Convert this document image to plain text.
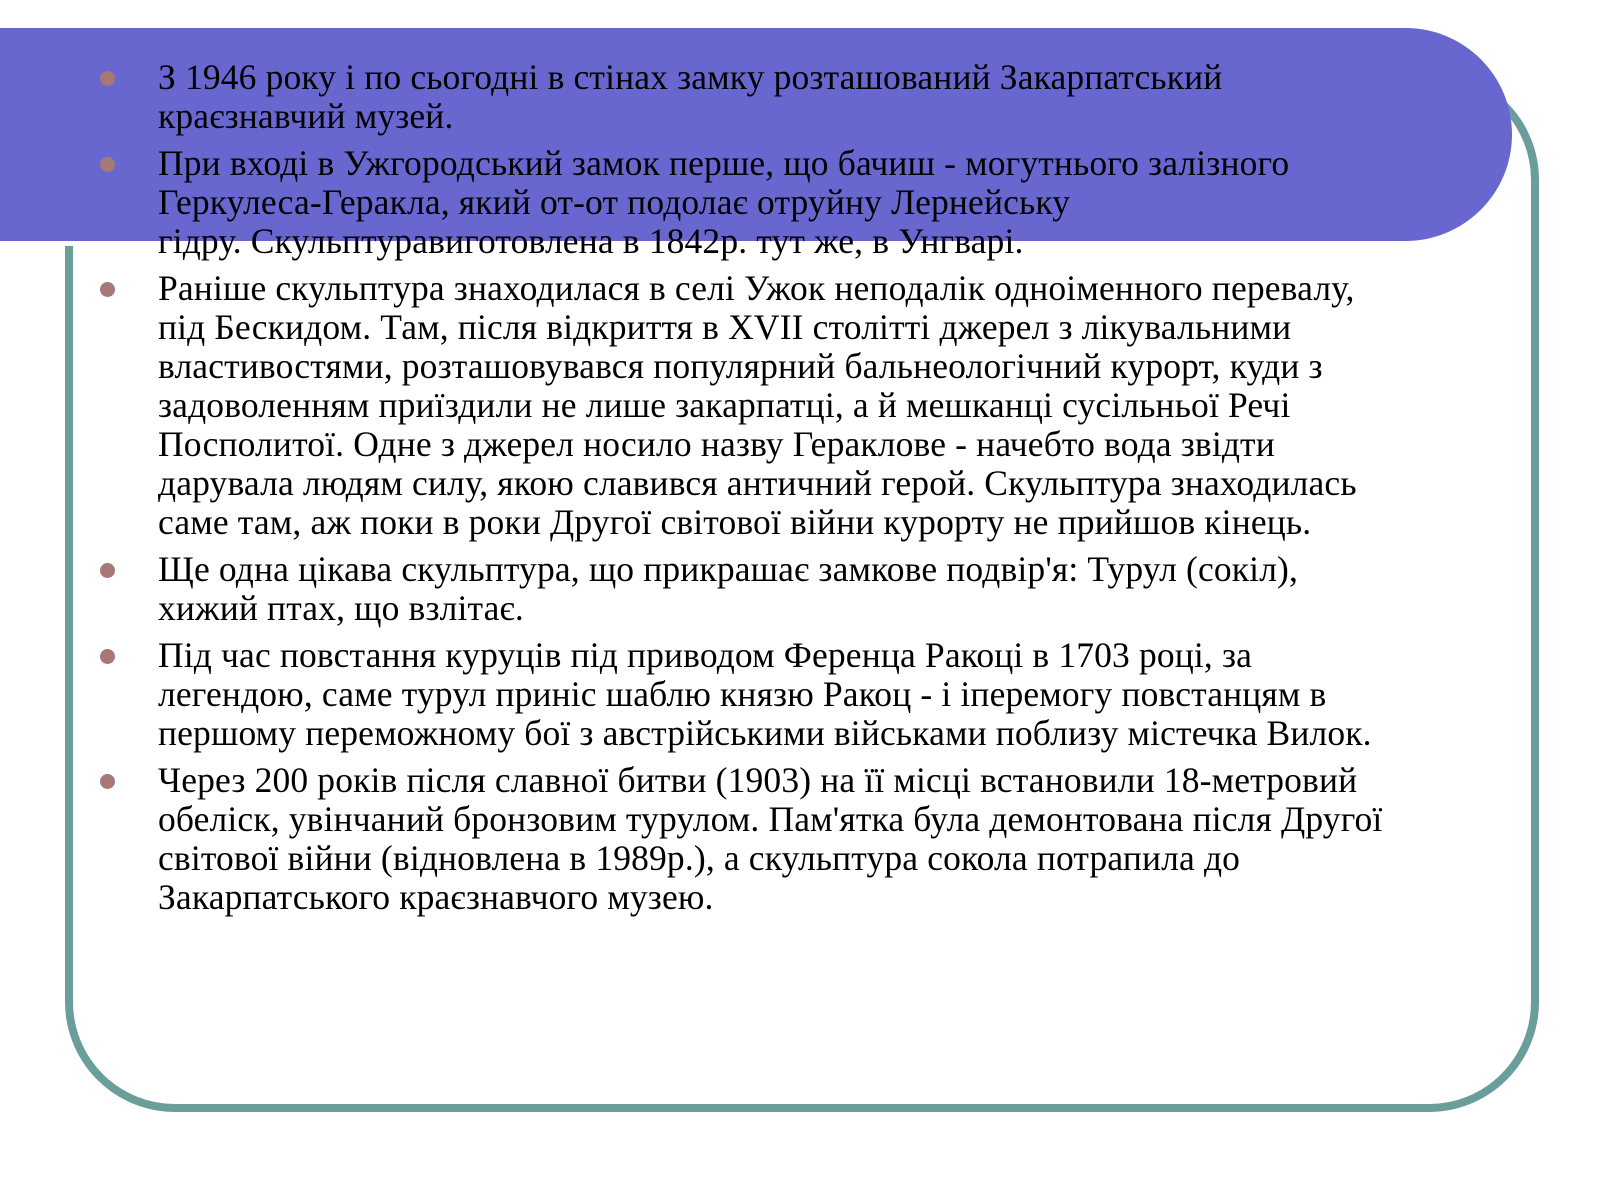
З 1946 року і по сьогодні в стінах замку розташований Закарпатський
краєзнавчий музей.
При вході в Ужгородський замок перше, що бачиш - могутнього залізного
Геркулеса-Геракла, який от-от подолає отруйну Лернейську
гідру. Скульптуравиготовлена в 1842р. тут же, в Унгварі.
Раніше скульптура знаходилася в селі Ужок неподалік одноіменного перевалу,
під Бескидом. Там, після відкриття в XVII столітті джерел з лікувальними
властивостями, розташовувався популярний бальнеологічний курорт, куди з
задоволенням приїздили не лише закарпатці, а й мешканці сусільньої Речі
Посполитої. Одне з джерел носило назву Гераклове - начебто вода звідти
дарувала людям силу, якою славився античний герой. Скульптура знаходилась
саме там, аж поки в роки Другої світової війни курорту не прийшов кінець.
Ще одна цікава скульптура, що прикрашає замкове подвір'я: Турул (сокіл),
хижий птах, що взлітає.
Під час повстання куруців під приводом Ференца Ракоці в 1703 році, за
легендою, саме турул приніс шаблю князю Ракоц - і іперемогу повстанцям в
першому переможному бої з австрійськими військами поблизу містечка Вилок.
Через 200 років після славної битви (1903) на її місці встановили 18-метровий
обеліск, увінчаний бронзовим турулом. Пам'ятка була демонтована після Другої
світової війни (відновлена в 1989р.), а скульптура сокола потрапила до
Закарпатського краєзнавчого музею.
